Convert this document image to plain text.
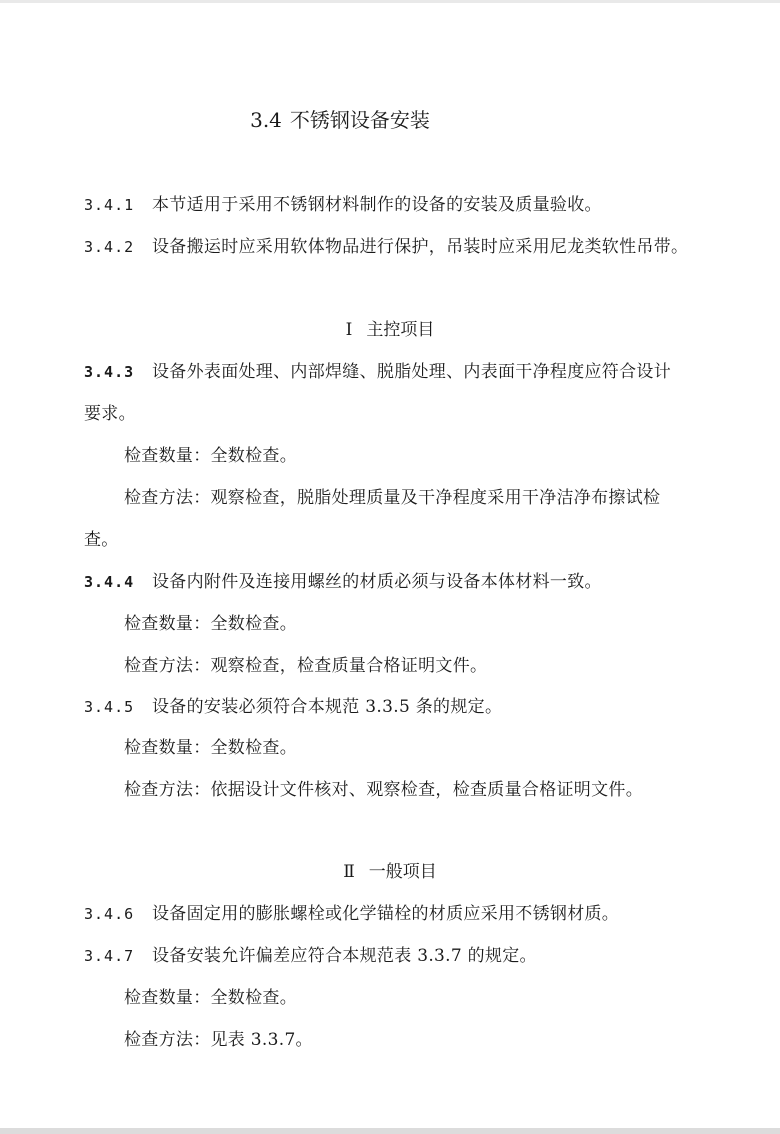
3.4 不锈钢设备安装
3.4.1 本节适用于采用不锈钢材料制作的设备的安装及质量验收。
3.4.2 设备搬运时应采用软体物品进行保护，吊装时应采用尼龙类软性吊带。
Ⅰ 主控项目
3.4.3 设备外表面处理、内部焊缝、脱脂处理、内表面干净程度应符合设计
要求。
检查数量：全数检查。
检查方法：观察检查，脱脂处理质量及干净程度采用干净洁净布擦试检
查。
3.4.4 设备内附件及连接用螺丝的材质必须与设备本体材料一致。
检查数量：全数检查。
检查方法：观察检查，检查质量合格证明文件。
3.4.5 设备的安装必须符合本规范 3.3.5 条的规定。
检查数量：全数检查。
检查方法：依据设计文件核对、观察检查，检查质量合格证明文件。
Ⅱ 一般项目
3.4.6 设备固定用的膨胀螺栓或化学锚栓的材质应采用不锈钢材质。
3.4.7 设备安装允许偏差应符合本规范表 3.3.7 的规定。
检查数量：全数检查。
检查方法：见表 3.3.7。
